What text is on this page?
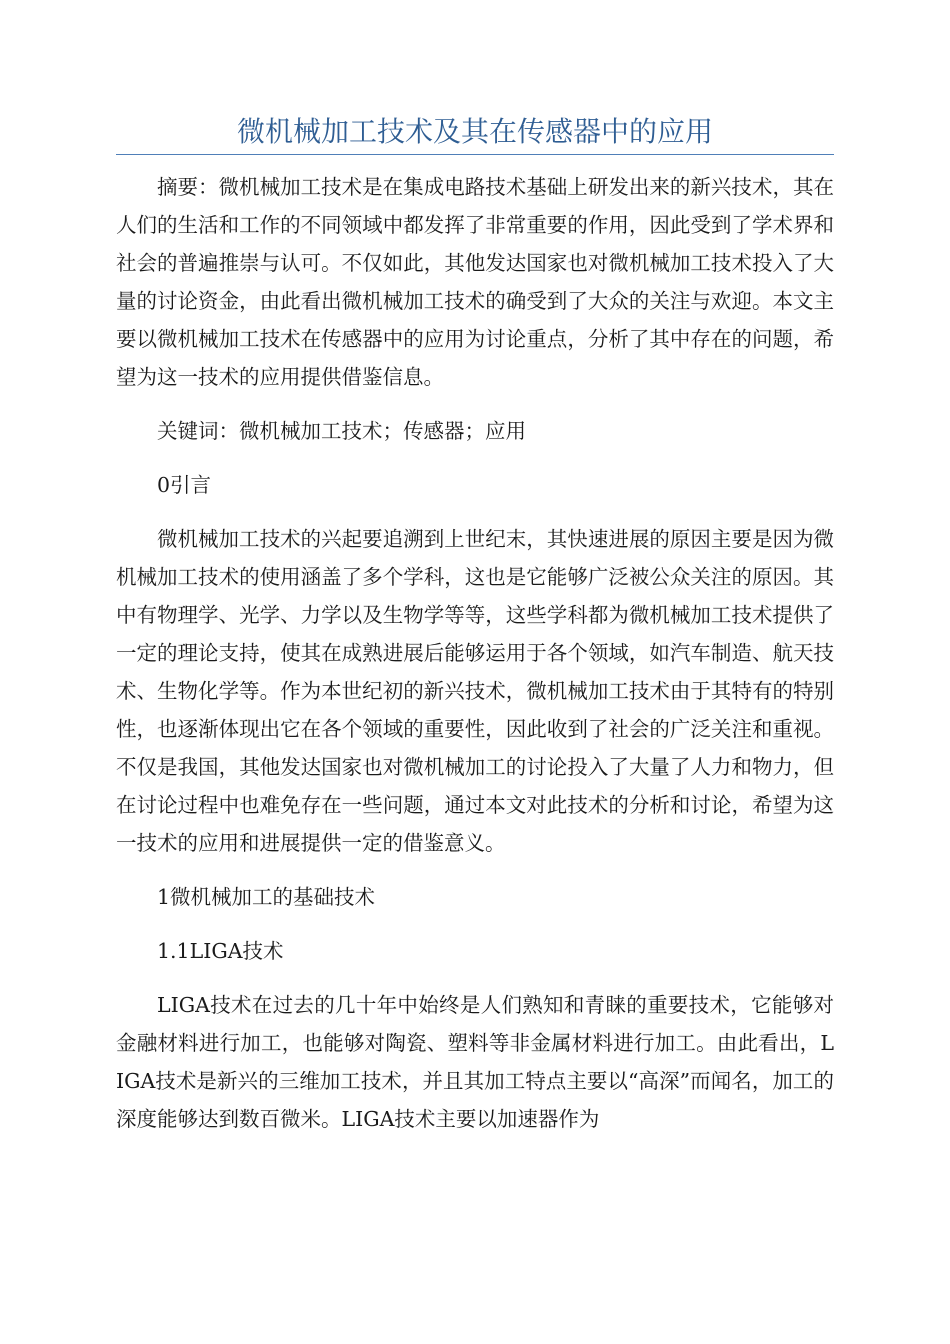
微机械加工技术及其在传感器中的应用

摘要：微机械加工技术是在集成电路技术基础上研发出来的新兴技术，其在人们的生活和工作的不同领域中都发挥了非常重要的作用，因此受到了学术界和社会的普遍推崇与认可。不仅如此，其他发达国家也对微机械加工技术投入了大量的讨论资金，由此看出微机械加工技术的确受到了大众的关注与欢迎。本文主要以微机械加工技术在传感器中的应用为讨论重点，分析了其中存在的问题，希望为这一技术的应用提供借鉴信息。

关键词：微机械加工技术；传感器；应用

0引言

微机械加工技术的兴起要追溯到上世纪末，其快速进展的原因主要是因为微机械加工技术的使用涵盖了多个学科，这也是它能够广泛被公众关注的原因。其中有物理学、光学、力学以及生物学等等，这些学科都为微机械加工技术提供了一定的理论支持，使其在成熟进展后能够运用于各个领域，如汽车制造、航天技术、生物化学等。作为本世纪初的新兴技术，微机械加工技术由于其特有的特别性，也逐渐体现出它在各个领域的重要性，因此收到了社会的广泛关注和重视。不仅是我国，其他发达国家也对微机械加工的讨论投入了大量了人力和物力，但在讨论过程中也难免存在一些问题，通过本文对此技术的分析和讨论，希望为这一技术的应用和进展提供一定的借鉴意义。

1微机械加工的基础技术

1.1LIGA技术

LIGA技术在过去的几十年中始终是人们熟知和青睐的重要技术，它能够对金融材料进行加工，也能够对陶瓷、塑料等非金属材料进行加工。由此看出，LIGA技术是新兴的三维加工技术，并且其加工特点主要以“高深”而闻名，加工的深度能够达到数百微米。LIGA技术主要以加速器作为
